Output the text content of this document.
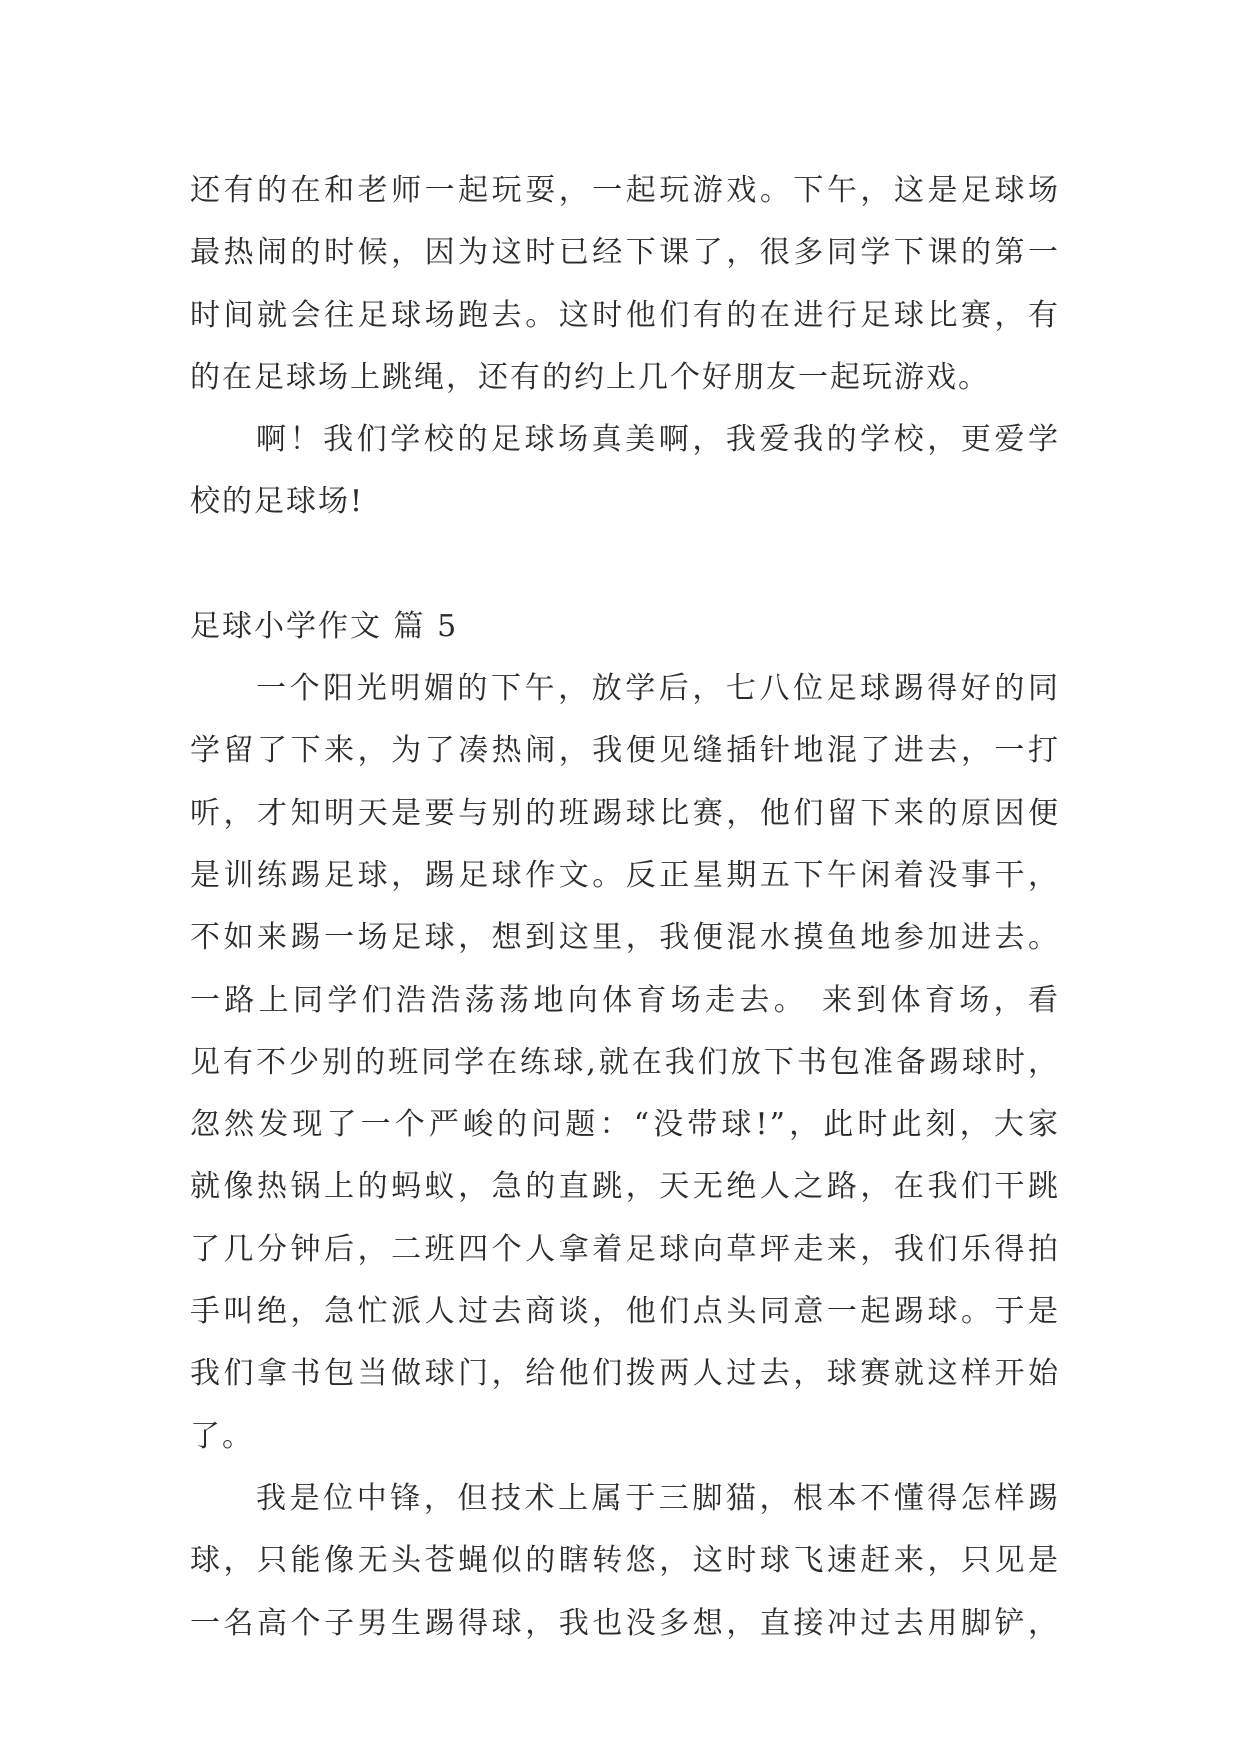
还有的在和老师一起玩耍，一起玩游戏。下午，这是足球场
最热闹的时候，因为这时已经下课了，很多同学下课的第一
时间就会往足球场跑去。这时他们有的在进行足球比赛，有
的在足球场上跳绳，还有的约上几个好朋友一起玩游戏。
啊！我们学校的足球场真美啊，我爱我的学校，更爱学
校的足球场!
足球小学作文 篇 5
一个阳光明媚的下午，放学后，七八位足球踢得好的同
学留了下来，为了凑热闹，我便见缝插针地混了进去，一打
听，才知明天是要与别的班踢球比赛，他们留下来的原因便
是训练踢足球，踢足球作文。反正星期五下午闲着没事干，
不如来踢一场足球，想到这里，我便混水摸鱼地参加进去。
一路上同学们浩浩荡荡地向体育场走去。 来到体育场，看
见有不少别的班同学在练球,就在我们放下书包准备踢球时，
忽然发现了一个严峻的问题：“没带球!”，此时此刻，大家
就像热锅上的蚂蚁，急的直跳，天无绝人之路，在我们干跳
了几分钟后，二班四个人拿着足球向草坪走来，我们乐得拍
手叫绝，急忙派人过去商谈，他们点头同意一起踢球。于是
我们拿书包当做球门，给他们拨两人过去，球赛就这样开始
了。
我是位中锋，但技术上属于三脚猫，根本不懂得怎样踢
球，只能像无头苍蝇似的瞎转悠，这时球飞速赶来，只见是
一名高个子男生踢得球，我也没多想，直接冲过去用脚铲，
